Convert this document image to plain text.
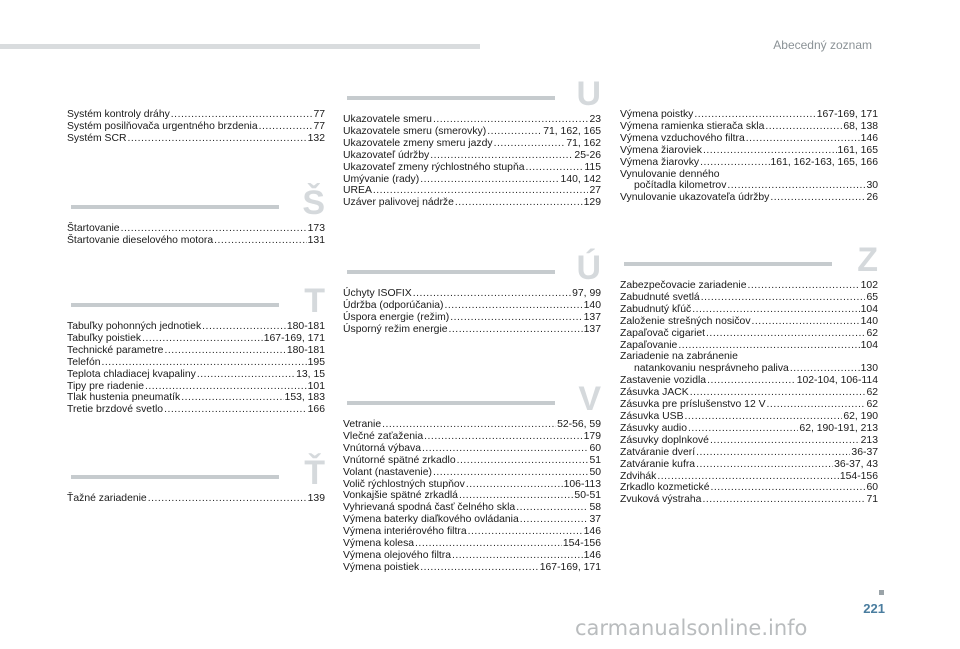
Abecedný zoznam
Systém kontroly dráhy .....	77
Systém posilňovača urgentného brzdenia .....	77
Systém SCR .....	132
Š
Štartovanie .....	173
Štartovanie dieselového motora .....	131
T
Tabuľky pohonných jednotiek .....	180-181
Tabuľky poistiek .....	167-169, 171
Technické parametre .....	180-181
Telefón .....	195
Teplota chladiacej kvapaliny .....	13, 15
Tipy pre riadenie .....	101
Tlak hustenia pneumatík .....	153, 183
Tretie brzdové svetlo .....	166
Ť
Ťažné zariadenie .....	139
U
Ukazovatele smeru .....	23
Ukazovatele smeru (smerovky) .....	71, 162, 165
Ukazovatele zmeny smeru jazdy .....	71, 162
Ukazovateľ údržby .....	25-26
Ukazovateľ zmeny rýchlostného stupňa .....	115
Umývanie (rady) .....	140, 142
UREA .....	27
Uzáver palivovej nádrže .....	129
Ú
Úchyty ISOFIX .....	97, 99
Údržba (odporúčania) .....	140
Úspora energie (režim) .....	137
Úsporný režim energie .....	137
V
Vetranie .....	52-56, 59
Vlečné zaťaženia .....	179
Vnútorná výbava .....	60
Vnútorné spätné zrkadlo .....	51
Volant (nastavenie) .....	50
Volič rýchlostných stupňov .....	106-113
Vonkajšie spätné zrkadlá .....	50-51
Vyhrievaná spodná časť čelného skla .....	58
Výmena baterky diaľkového ovládania .....	37
Výmena interiérového filtra .....	146
Výmena kolesa .....	154-156
Výmena olejového filtra .....	146
Výmena poistiek .....	167-169, 171
Výmena poistky .....	167-169, 171
Výmena ramienka stierača skla .....	68, 138
Výmena vzduchového filtra .....	146
Výmena žiaroviek .....	161, 165
Výmena žiarovky .....	161, 162-163, 165, 166
Vynulovanie denného
počítadla kilometrov .....	30
Vynulovanie ukazovateľa údržby .....	26
Z
Zabezpečovacie zariadenie .....	102
Zabudnuté svetlá .....	65
Zabudnutý kľúč .....	104
Založenie strešných nosičov .....	140
Zapaľovač cigariet .....	62
Zapaľovanie .....	104
Zariadenie na zabránenie
natankovaniu nesprávneho paliva .....	130
Zastavenie vozidla .....	102-104, 106-114
Zásuvka JACK .....	62
Zásuvka pre príslušenstvo 12 V .....	62
Zásuvka USB .....	62, 190
Zásuvky audio .....	62, 190-191, 213
Zásuvky doplnkové .....	213
Zatváranie dverí .....	36-37
Zatváranie kufra .....	36-37, 43
Zdvihák .....	154-156
Zrkadlo kozmetické .....	60
Zvuková výstraha .....	71
221
carmanualsonline.info
